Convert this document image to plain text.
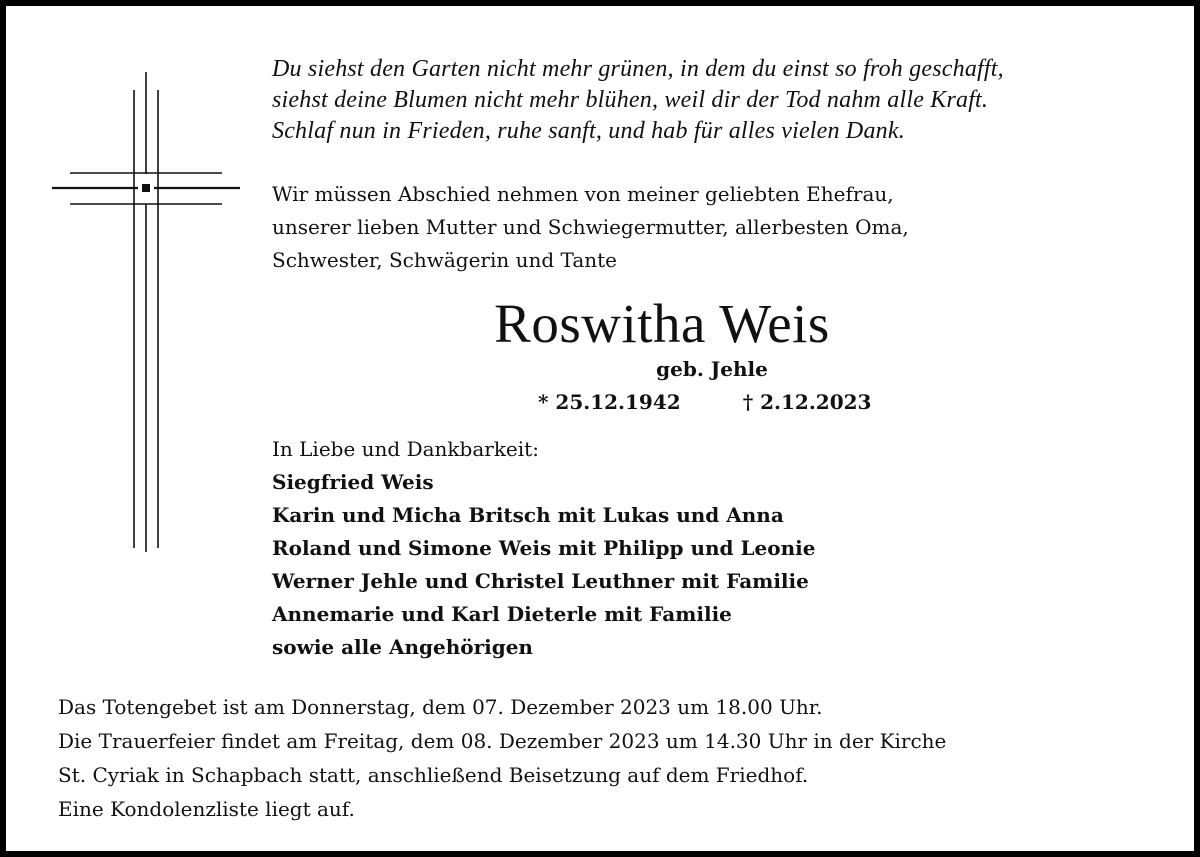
Du siehst den Garten nicht mehr grünen, in dem du einst so froh geschafft,
siehst deine Blumen nicht mehr blühen, weil dir der Tod nahm alle Kraft.
Schlaf nun in Frieden, ruhe sanft, und hab für alles vielen Dank.
Wir müssen Abschied nehmen von meiner geliebten Ehefrau,
unserer lieben Mutter und Schwiegermutter, allerbesten Oma,
Schwester, Schwägerin und Tante
Roswitha Weis
geb. Jehle
* 25.12.1942	† 2.12.2023
In Liebe und Dankbarkeit:
Siegfried Weis
Karin und Micha Britsch mit Lukas und Anna
Roland und Simone Weis mit Philipp und Leonie
Werner Jehle und Christel Leuthner mit Familie
Annemarie und Karl Dieterle mit Familie
sowie alle Angehörigen
Das Totengebet ist am Donnerstag, dem 07. Dezember 2023 um 18.00 Uhr.
Die Trauerfeier findet am Freitag, dem 08. Dezember 2023 um 14.30 Uhr in der Kirche
St. Cyriak in Schapbach statt, anschließend Beisetzung auf dem Friedhof.
Eine Kondolenzliste liegt auf.
